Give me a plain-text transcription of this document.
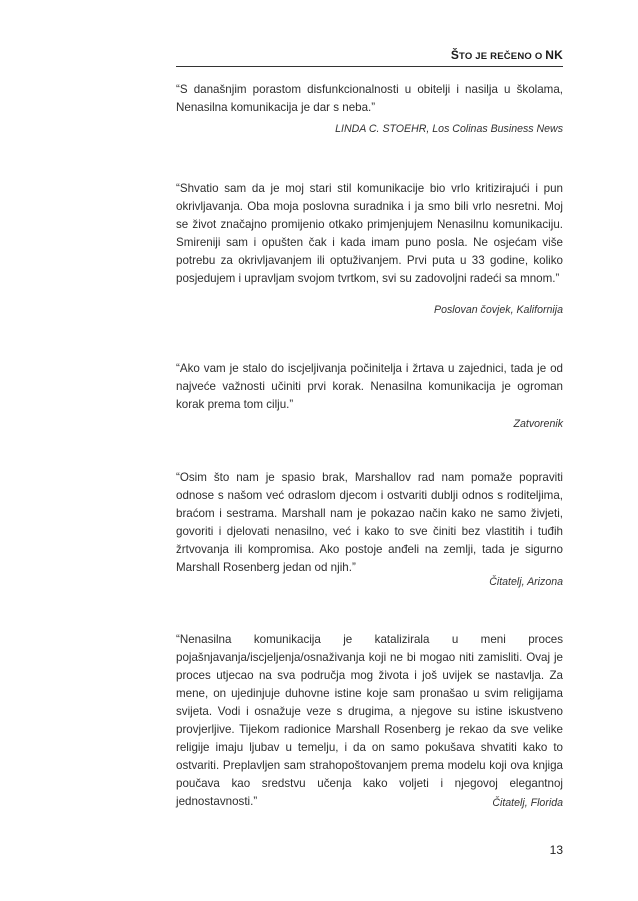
ŠTO JE REČENO O NK
“S današnjim porastom disfunkcionalnosti u obitelji i nasilja u školama, Nenasilna komunikacija je dar s neba.”
LINDA C. STOEHR, Los Colinas Business News
“Shvatio sam da je moj stari stil komunikacije bio vrlo kritizirajući i pun okrivljavanja. Oba moja poslovna suradnika i ja smo bili vrlo nesretni. Moj se život značajno promijenio otkako primjenjujem Nenasilnu komunikaciju. Smireniji sam i opušten čak i kada imam puno posla. Ne osjećam više potrebu za okrivljavanjem ili optuživanjem. Prvi puta u 33 godine, koliko posjedujem i upravljam svojom tvrtkom, svi su zadovoljni radeći sa mnom.”
Poslovan čovjek, Kalifornija
“Ako vam je stalo do iscjeljivanja počinitelja i žrtava u zajednici, tada je od najveće važnosti učiniti prvi korak. Nenasilna komunikacija je ogroman korak prema tom cilju.”
Zatvorenik
“Osim što nam je spasio brak, Marshallov rad nam pomaže popraviti odnose s našom već odraslom djecom i ostvariti dublji odnos s roditeljima, braćom i sestrama. Marshall nam je pokazao način kako ne samo živjeti, govoriti i djelovati nenasilno, već i kako to sve činiti bez vlastitih i tuđih žrtvovanja ili kompromisa. Ako postoje anđeli na zemlji, tada je sigurno Marshall Rosenberg jedan od njih.”
Čitatelj, Arizona
“Nenasilna komunikacija je katalizirala u meni proces pojašnjavanja/iscjeljenja/osnaživanja koji ne bi mogao niti zamisliti. Ovaj je proces utjecao na sva područja mog života i još uvijek se nastavlja. Za mene, on ujedinjuje duhovne istine koje sam pronašao u svim religijama svijeta. Vodi i osnažuje veze s drugima, a njegove su istine iskustveno provjerljive. Tijekom radionice Marshall Rosenberg je rekao da sve velike religije imaju ljubav u temelju, i da on samo pokušava shvatiti kako to ostvariti. Preplavljen sam strahopoštovanjem prema modelu koji ova knjiga poučava kao sredstvu učenja kako voljeti i njegovoj elegantnoj jednostavnosti.”	Čitatelj, Florida
13
